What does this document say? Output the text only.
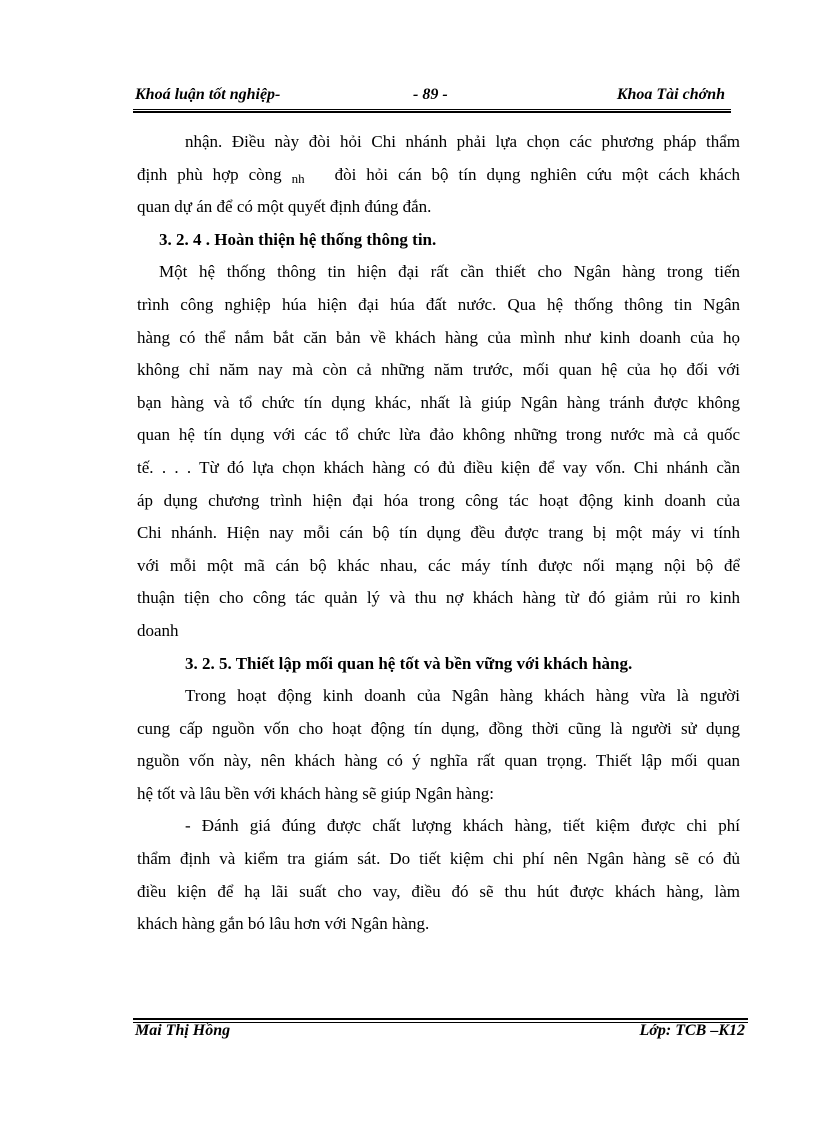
Khoá luận tốt nghiệp-	- 89 -	Khoa Tài chớnh
nhận. Điều này đòi hỏi Chi nhánh phải lựa chọn các phương pháp thẩm
định phù hợp còng nh đòi hỏi cán bộ tín dụng nghiên cứu một cách khách
quan dự án để có một quyết định đúng đắn.
3. 2. 4 . Hoàn thiện hệ thống thông tin.
Một hệ thống thông tin hiện đại rất cần thiết cho Ngân hàng trong tiến
trình công nghiệp húa hiện đại húa đất nước. Qua hệ thống thông tin Ngân
hàng có thể nắm bắt căn bản về khách hàng của mình như kinh doanh của họ
không chỉ năm nay mà còn cả những năm trước, mối quan hệ của họ đối với
bạn hàng và tổ chức tín dụng khác, nhất là giúp Ngân hàng tránh được không
quan hệ tín dụng với các tổ chức lừa đảo không những trong nước mà cả quốc
tế. . . . Từ đó lựa chọn khách hàng có đủ điều kiện để vay vốn. Chi nhánh cần
áp dụng chương trình hiện đại hóa trong công tác hoạt động kinh doanh của
Chi nhánh. Hiện nay mỗi cán bộ tín dụng đều được trang bị một máy vi tính
với mỗi một mã cán bộ khác nhau, các máy tính được nối mạng nội bộ để
thuận tiện cho công tác quản lý và thu nợ khách hàng từ đó giảm rủi ro kinh
doanh
3. 2. 5. Thiết lập mối quan hệ tốt và bền vững với khách hàng.
Trong hoạt động kinh doanh của Ngân hàng khách hàng vừa là người
cung cấp nguồn vốn cho hoạt động tín dụng, đồng thời cũng là người sử dụng
nguồn vốn này, nên khách hàng có ý nghĩa rất quan trọng. Thiết lập mối quan
hệ tốt và lâu bền với khách hàng sẽ giúp Ngân hàng:
- Đánh giá đúng được chất lượng khách hàng, tiết kiệm được chi phí
thẩm định và kiểm tra giám sát. Do tiết kiệm chi phí nên Ngân hàng sẽ có đủ
điều kiện để hạ lãi suất cho vay, điều đó sẽ thu hút được khách hàng, làm
khách hàng gắn bó lâu hơn với Ngân hàng.
Mai Thị Hồng	Lớp: TCB –K12
